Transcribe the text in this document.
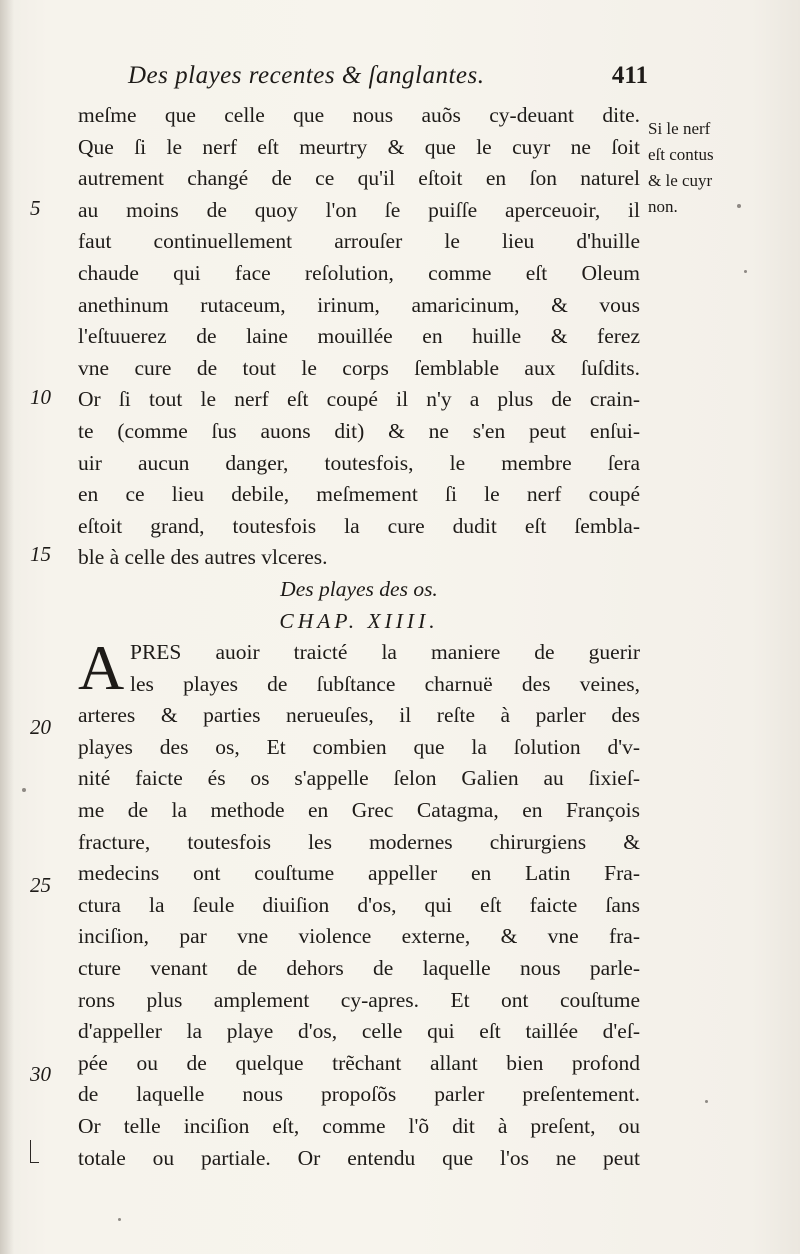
Des playes recentes & ſanglantes.	411
5
10
15
20
25
30
Si le nerf
eſt contus
& le cuyr
non.
meſme que celle que nous auõs cy-deuant dite.
Que ſi le nerf eſt meurtry & que le cuyr ne ſoit
autrement changé de ce qu'il eſtoit en ſon naturel
au moins de quoy l'on ſe puiſſe aperceuoir, il
faut continuellement arrouſer le lieu d'huille
chaude qui face reſolution, comme eſt Oleum
anethinum rutaceum, irinum, amaricinum, & vous
l'eſtuuerez de laine mouillée en huille & ferez
vne cure de tout le corps ſemblable aux ſuſdits.
Or ſi tout le nerf eſt coupé il n'y a plus de crain-
te (comme ſus auons dit) & ne s'en peut enſui-
uir aucun danger, toutesfois, le membre ſera
en ce lieu debile, meſmement ſi le nerf coupé
eſtoit grand, toutesfois la cure dudit eſt ſembla-
ble à celle des autres vlceres.
Des playes des os.
CHAP. XIIII.
A PRES auoir traicté la maniere de guerir
les playes de ſubſtance charnuë des veines,
arteres & parties nerueuſes, il reſte à parler des
playes des os, Et combien que la ſolution d'v-
nité faicte és os s'appelle ſelon Galien au ſixieſ-
me de la methode en Grec Catagma, en François
fracture, toutesfois les modernes chirurgiens &
medecins ont couſtume appeller en Latin Fra-
ctura la ſeule diuiſion d'os, qui eſt faicte ſans
inciſion, par vne violence externe, & vne fra-
cture venant de dehors de laquelle nous parle-
rons plus amplement cy-apres. Et ont couſtume
d'appeller la playe d'os, celle qui eſt taillée d'eſ-
pée ou de quelque trẽchant allant bien profond
de laquelle nous propoſõs parler preſentement.
Or telle inciſion eſt, comme l'õ dit à preſent, ou
totale ou partiale. Or entendu que l'os ne peut
